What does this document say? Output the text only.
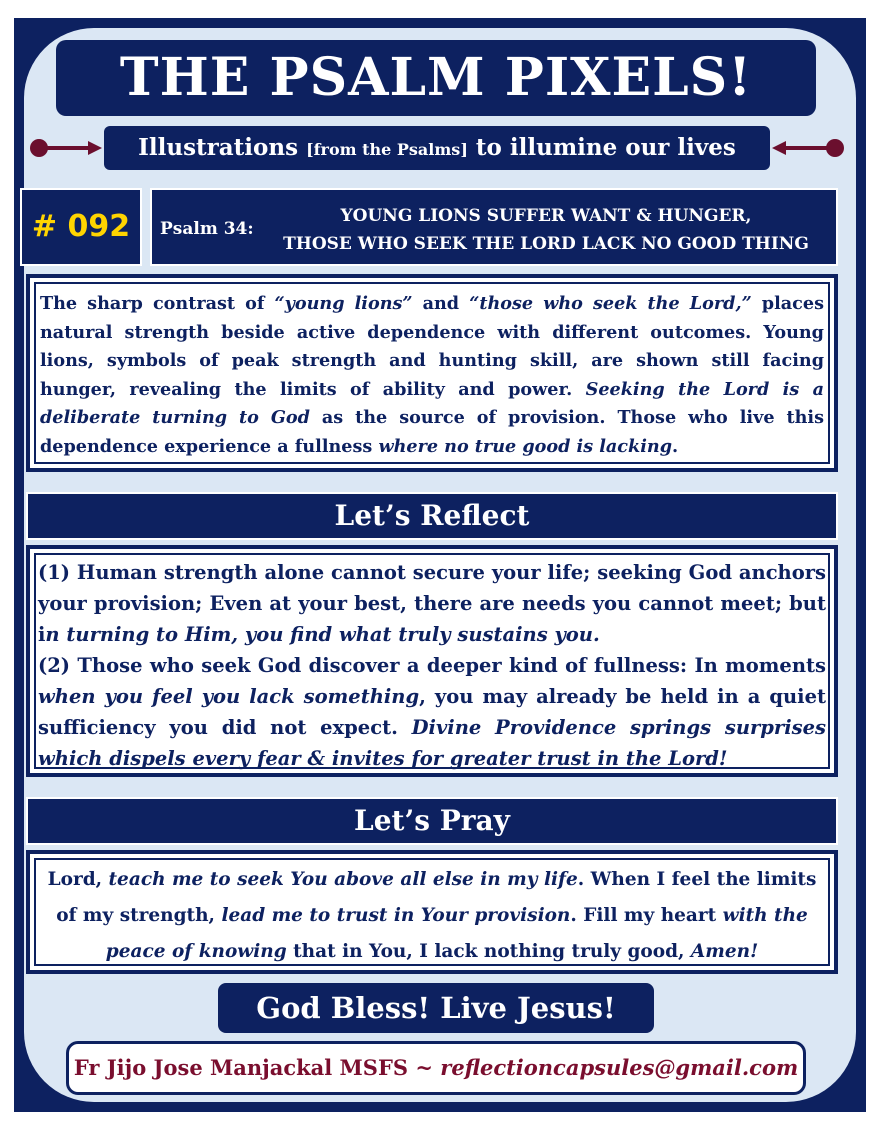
THE PSALM PIXELS!
Illustrations [from the Psalms] to illumine our lives
# 092	Psalm 34:
YOUNG LIONS SUFFER WANT & HUNGER,
THOSE WHO SEEK THE LORD LACK NO GOOD THING
The sharp contrast of “young lions” and “those who seek the Lord,” places natural strength beside active dependence with different outcomes. Young lions, symbols of peak strength and hunting skill, are shown still facing hunger, revealing the limits of ability and power. Seeking the Lord is a deliberate turning to God as the source of provision. Those who live this dependence experience a fullness where no true good is lacking.
Let’s Reflect
(1) Human strength alone cannot secure your life; seeking God anchors your provision; Even at your best, there are needs you cannot meet; but in turning to Him, you find what truly sustains you.
(2) Those who seek God discover a deeper kind of fullness: In moments when you feel you lack something, you may already be held in a quiet sufficiency you did not expect. Divine Providence springs surprises which dispels every fear & invites for greater trust in the Lord!
Let’s Pray
Lord, teach me to seek You above all else in my life. When I feel the limits of my strength, lead me to trust in Your provision. Fill my heart with the peace of knowing that in You, I lack nothing truly good, Amen!
God Bless! Live Jesus!
Fr Jijo Jose Manjackal MSFS ~ reflectioncapsules@gmail.com
